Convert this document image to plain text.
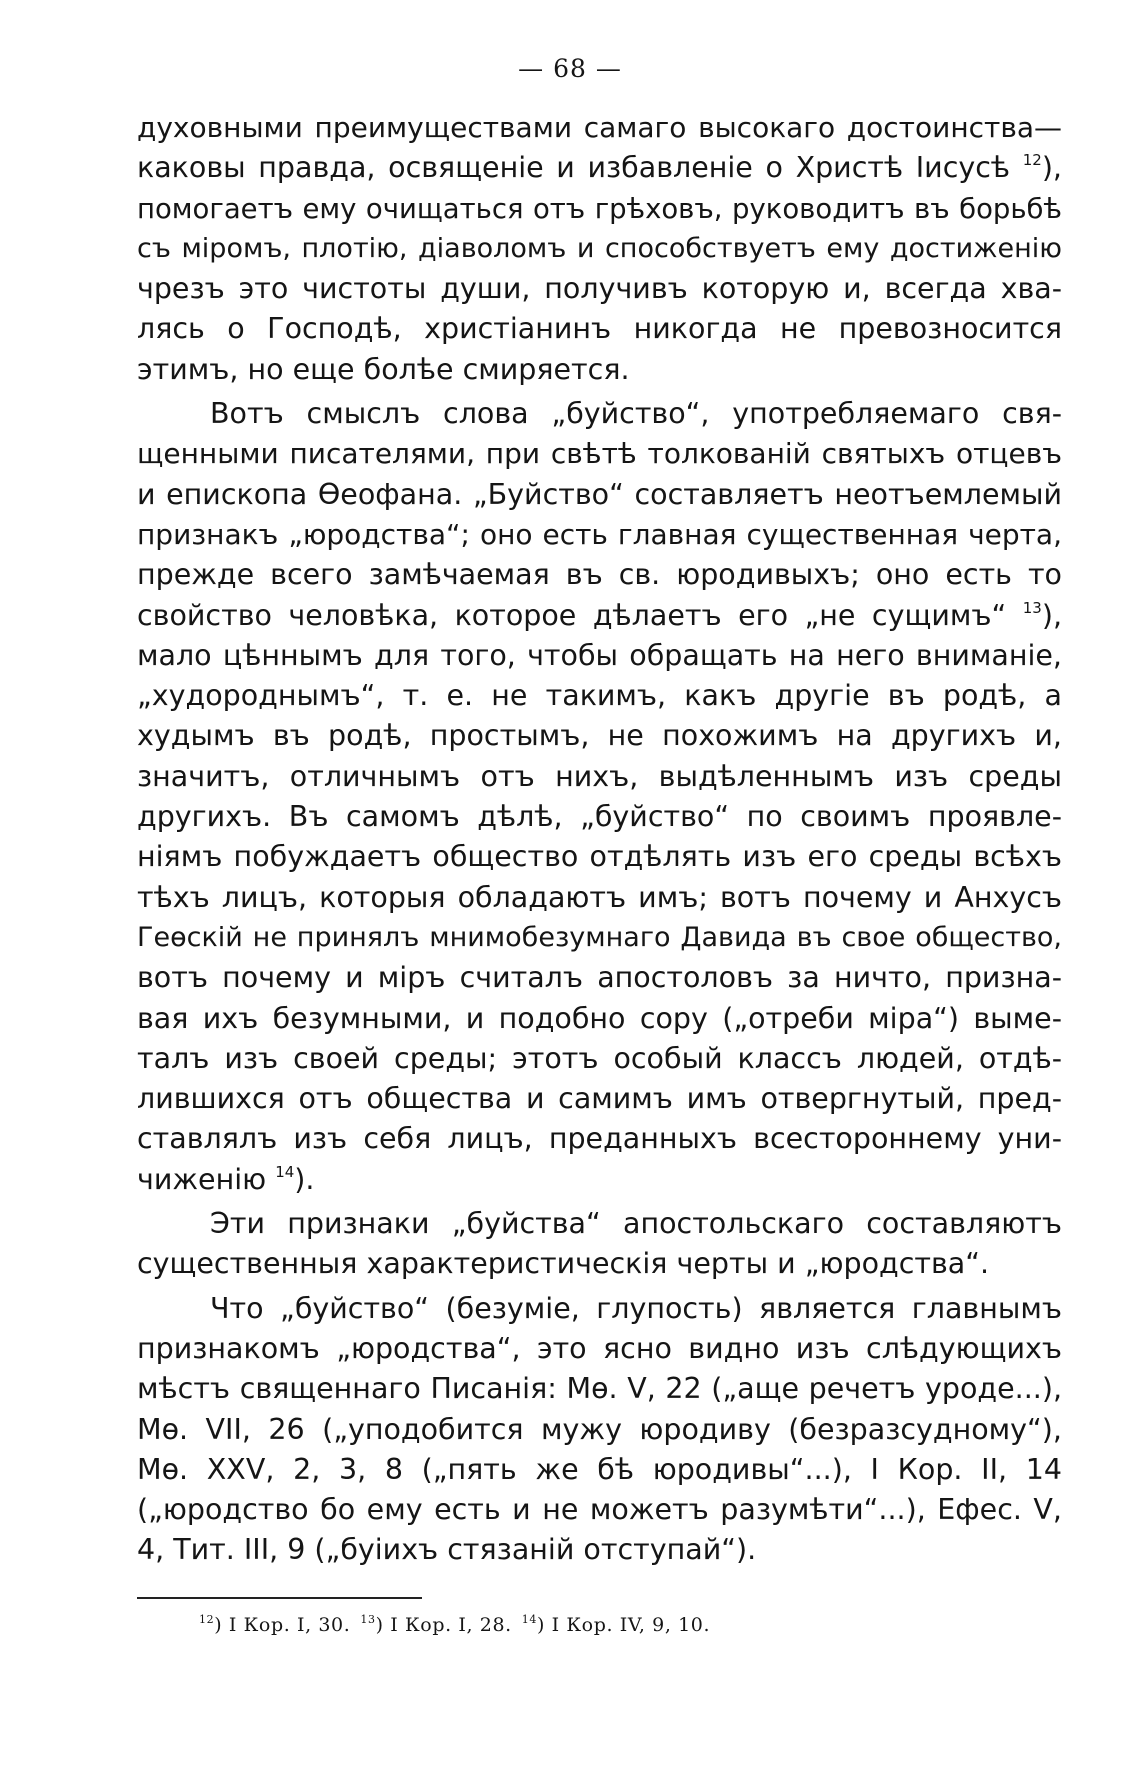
— 68 —
духовными преимуществами самаго высокаго достоинства—
каковы правда, освященіе и избавленіе о Христѣ Іисусѣ $^{12}$),
помогаетъ ему очищаться отъ грѣховъ, руководитъ въ борьбѣ
съ міромъ, плотію, діаволомъ и способствуетъ ему достиженію
чрезъ это чистоты души, получивъ которую и, всегда хва-
лясь о Господѣ, христіанинъ никогда не превозносится
этимъ, но еще болѣе смиряется.
Вотъ смыслъ слова „буйство“, употребляемаго свя-
щенными писателями, при свѣтѣ толкованій святыхъ отцевъ
и епископа Өеофана. „Буйство“ составляетъ неотъемлемый
признакъ „юродства“; оно есть главная существенная черта,
прежде всего замѣчаемая въ св. юродивыхъ; оно есть то
свойство человѣка, которое дѣлаетъ его „не сущимъ“ $^{13}$),
мало цѣннымъ для того, чтобы обращать на него вниманіе,
„худороднымъ“, т. е. не такимъ, какъ другіе въ родѣ, а
худымъ въ родѣ, простымъ, не похожимъ на другихъ и,
значитъ, отличнымъ отъ нихъ, выдѣленнымъ изъ среды
другихъ. Въ самомъ дѣлѣ, „буйство“ по своимъ проявле-
ніямъ побуждаетъ общество отдѣлять изъ его среды всѣхъ
тѣхъ лицъ, которыя обладаютъ имъ; вотъ почему и Анхусъ
Геөскій не принялъ мнимобезумнаго Давида въ свое общество,
вотъ почему и міръ считалъ апостоловъ за ничто, призна-
вая ихъ безумными, и подобно сору („отреби міра“) выме-
талъ изъ своей среды; этотъ особый классъ людей, отдѣ-
лившихся отъ общества и самимъ имъ отвергнутый, пред-
ставлялъ изъ себя лицъ, преданныхъ всестороннему уни-
чиженію $^{14}$).
Эти признаки „буйства“ апостольскаго составляютъ
существенныя характеристическія черты и „юродства“.
Что „буйство“ (безуміе, глупость) является главнымъ
признакомъ „юродства“, это ясно видно изъ слѣдующихъ
мѣстъ священнаго Писанія: Мө. V, 22 („аще речетъ уроде...),
Мө. VII, 26 („уподобится мужу юродиву (безразсудному“),
Мө. XXV, 2, 3, 8 („пять же бѣ юродивы“...), I Кор. II, 14
(„юродство бо ему есть и не можетъ разумѣти“...), Ефес. V,
4, Тит. III, 9 („буіихъ стязаній отступай“).
$^{12}$) I Кор. I, 30. $^{13}$) I Кор. I, 28. $^{14}$) I Кор. IV, 9, 10.
